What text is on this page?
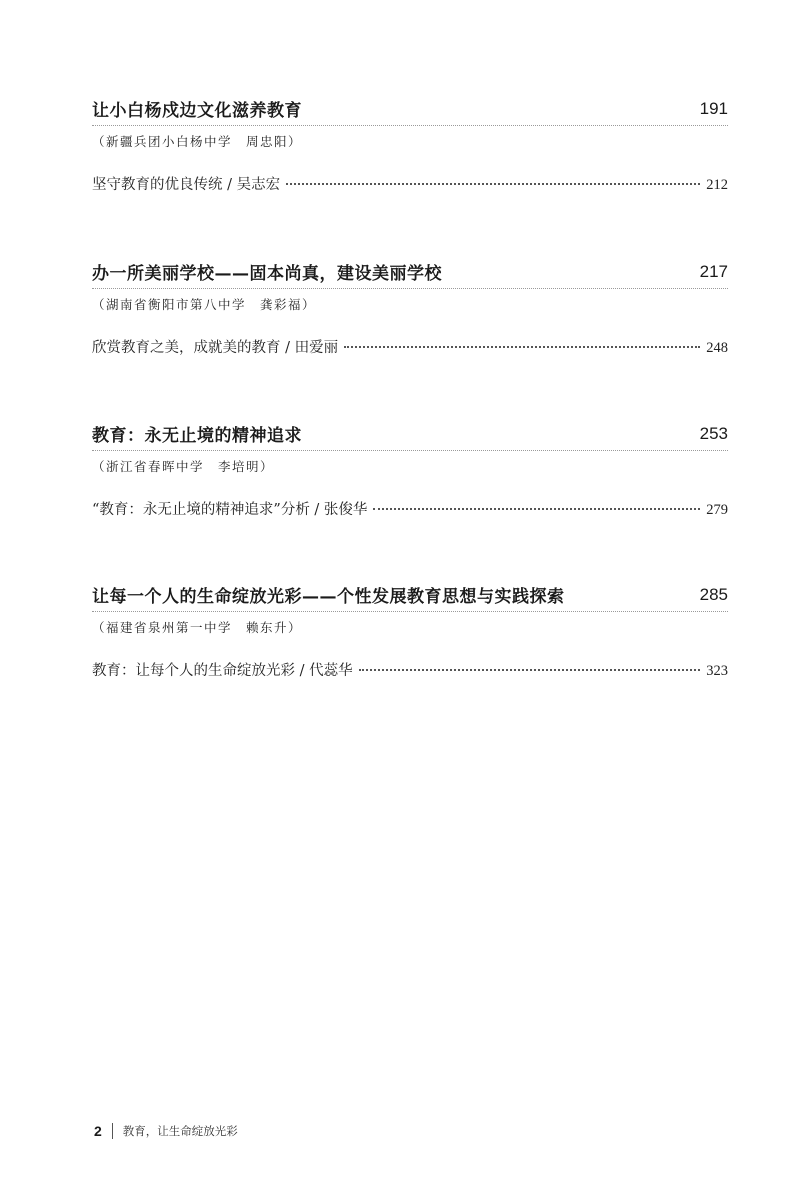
让小白杨戍边文化滋养教育	191
（新疆兵团小白杨中学　周忠阳）
坚守教育的优良传统 / 吴志宏	212
办一所美丽学校——固本尚真，建设美丽学校	217
（湖南省衡阳市第八中学　龚彩福）
欣赏教育之美，成就美的教育 / 田爱丽	248
教育：永无止境的精神追求	253
（浙江省春晖中学　李培明）
“教育：永无止境的精神追求”分析 / 张俊华	279
让每一个人的生命绽放光彩——个性发展教育思想与实践探索	285
（福建省泉州第一中学　赖东升）
教育：让每个人的生命绽放光彩 / 代蕊华	323
2 教育，让生命绽放光彩
